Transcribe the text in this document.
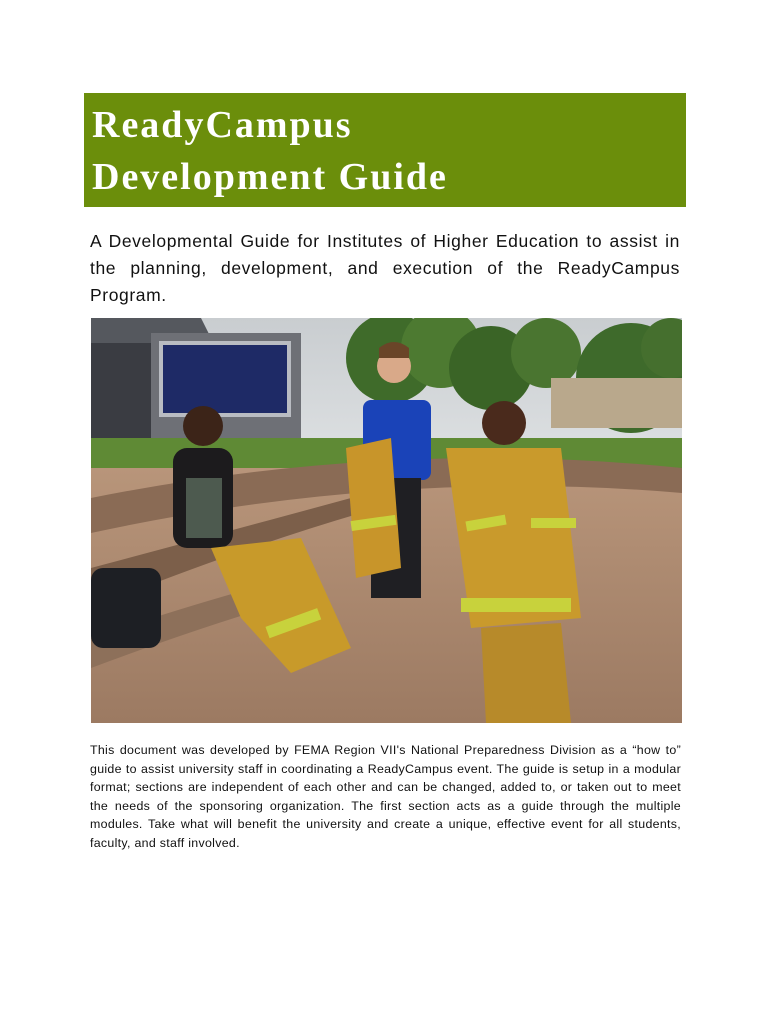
ReadyCampus
Development Guide

A Developmental Guide for Institutes of Higher Education to assist in the planning, development, and execution of the ReadyCampus Program.

This document was developed by FEMA Region VII's National Preparedness Division as a “how to” guide to assist university staff in coordinating a ReadyCampus event. The guide is setup in a modular format; sections are independent of each other and can be changed, added to, or taken out to meet the needs of the sponsoring organization. The first section acts as a guide through the multiple modules. Take what will benefit the university and create a unique, effective event for all students, faculty, and staff involved.
